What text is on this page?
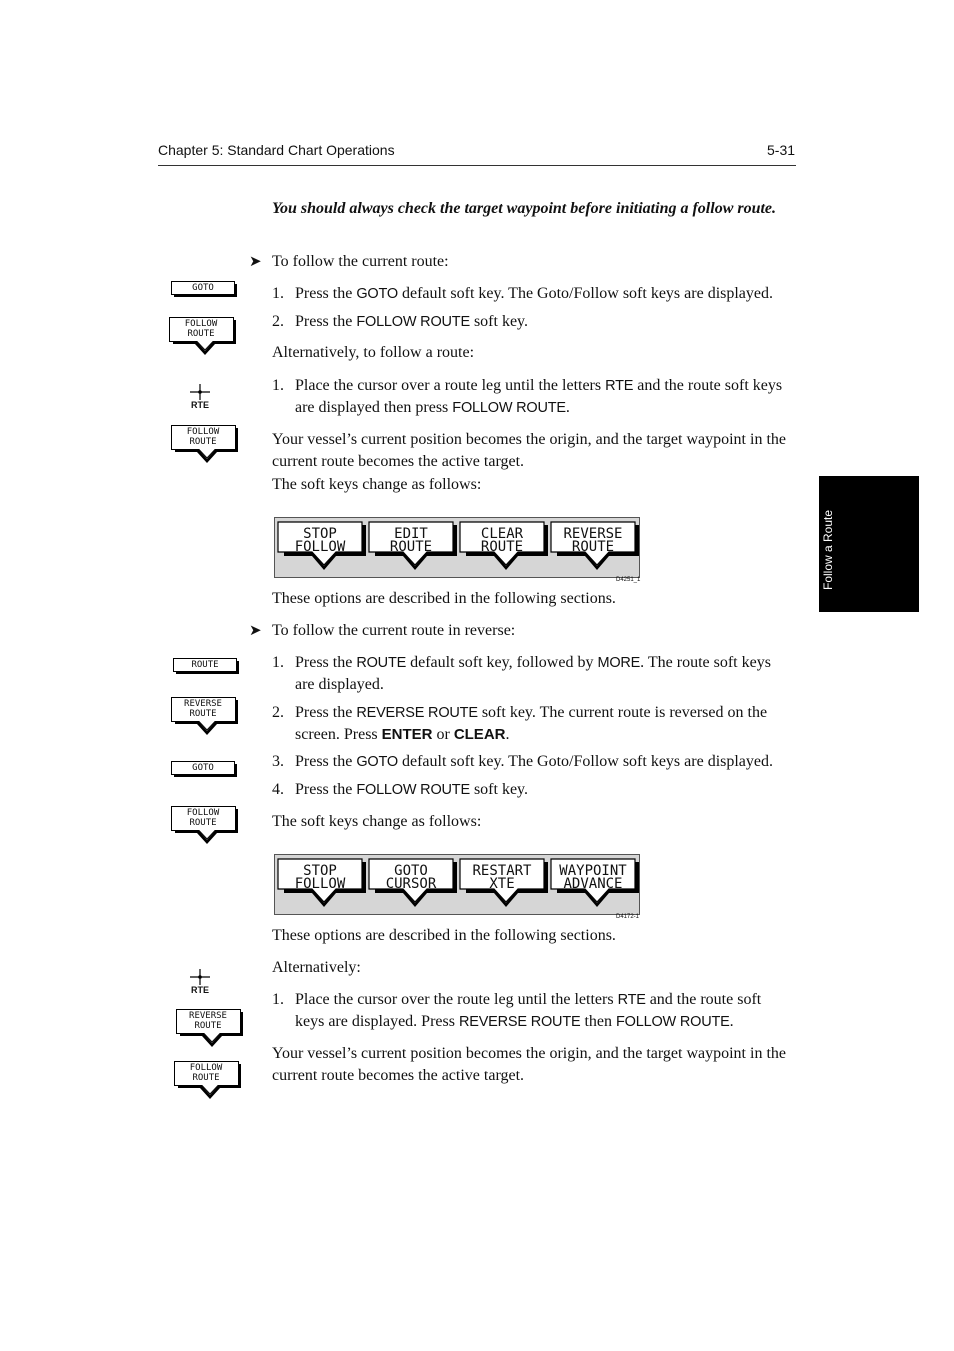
Chapter 5: Standard Chart Operations	5-31
Follow a Route
You should always check the target waypoint before initiating a follow route.
➤ To follow the current route:
1. Press the GOTO default soft key. The Goto/Follow soft keys are displayed.
2. Press the FOLLOW ROUTE soft key.
Alternatively, to follow a route:
1. Place the cursor over a route leg until the letters RTE and the route soft keys are displayed then press FOLLOW ROUTE.
Your vessel’s current position becomes the origin, and the target waypoint in the current route becomes the active target.
The soft keys change as follows:
STOP
FOLLOW
EDIT
ROUTE
CLEAR
ROUTE
REVERSE
ROUTE
D4251_1
These options are described in the following sections.
➤ To follow the current route in reverse:
1. Press the ROUTE default soft key, followed by MORE. The route soft keys are displayed.
2. Press the REVERSE ROUTE soft key. The current route is reversed on the screen. Press ENTER or CLEAR.
3. Press the GOTO default soft key. The Goto/Follow soft keys are displayed.
4. Press the FOLLOW ROUTE soft key.
The soft keys change as follows:
STOP
FOLLOW
GOTO
CURSOR
RESTART
XTE
WAYPOINT
ADVANCE
D4172-1
These options are described in the following sections.
Alternatively:
1. Place the cursor over the route leg until the letters RTE and the route soft keys are displayed. Press REVERSE ROUTE then FOLLOW ROUTE.
Your vessel’s current position becomes the origin, and the target waypoint in the current route becomes the active target.
GOTO
FOLLOW
ROUTE
RTE
FOLLOW
ROUTE
ROUTE
REVERSE
ROUTE
GOTO
FOLLOW
ROUTE
RTE
REVERSE
ROUTE
FOLLOW
ROUTE
